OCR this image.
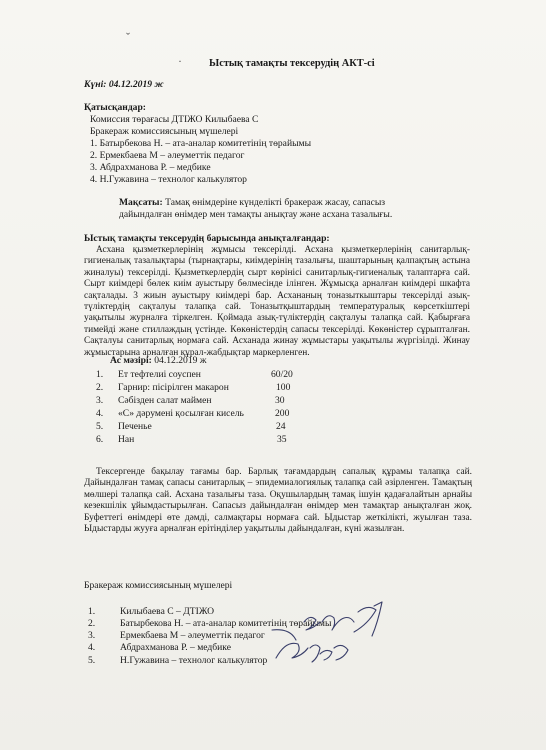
ˇ
·	Ыстық тамақты тексерудің АКТ-сі
Күні: 04.12.2019 ж
Қатысқандар:
Комиссия төрағасы ДТІЖО Килыбаева С
Бракераж комиссиясының мүшелері
1. Батырбекова Н. – ата-аналар комитетінің төрайымы
2. Ермекбаева М – әлеуметтік педагог
3. Абдрахманова Р. – медбике
4. Н.Гужавина – технолог калькулятор
Мақсаты: Тамақ өнімдеріне күнделікті бракераж жасау, сапасыз
дайындалған өнімдер мен тамақты анықтау және асхана тазалығы.
Ыстық тамақты тексерудің барысында анықталғандар:
Асхана қызметкерлерінің жұмысы тексерілді. Асхана қызметкерлерінің санитарлық-гигиеналық тазалықтары (тырнақтары, киімдерінің тазалығы, шаштарының қалпақтың астына жиналуы) тексерілді. Қызметкерлердің сырт көрінісі санитарлық-гигиеналық талаптарға сай. Сырт киімдері бөлек киім ауыстыру бөлмесінде ілінген. Жұмысқа арналған киімдері шкафта сақталады. 3 жиын ауыстыру киімдері бар. Асхананың тоназыткыштары тексерілді азық-түліктердің сақталуы талапқа сай. Тоназытқыштардың температуралық көрсеткіштері уақытылы журналға тіркелген. Қоймада азық-түліктердің сақталуы талапқа сай. Қабырғаға тимейді және стиллаждың үстінде. Көкөністердің сапасы тексерілді. Көкөністер сұрыпталған. Сақталуы санитарлық нормаға сай. Асханада жинау жұмыстары уақытылы жүргізілді. Жинау жұмыстарына арналған құрал-жабдықтар маркерленген.
Ас мәзірі: 04.12.2019 ж
1. Ет тефтелиі соуспен	60/20
2. Гарнир: пісірілген макарон	100
3. Сәбізден салат маймен	30
4. «С» дәрумені қосылған кисель	200
5. Печенье	24
6. Нан	35
Тексергенде бақылау тағамы бар. Барлық тағамдардың сапалық құрамы талапқа сай. Дайындалған тамақ сапасы санитарлық – эпидемиалогиялық талапқа сай әзірленген. Тамақтың мөлшері талапқа сай. Асхана тазалығы таза. Оқушылардың тамақ ішуін қадағалайтын арнайы кезекшілік ұйымдастырылған. Сапасыз дайындалған өнімдер мен тамақтар анықталған жоқ. Буфеттегі өнімдері өте дәмді, салмақтары нормаға сай. Ыдыстар жеткілікті, жуылған таза. Ыдыстарды жууға арналған ерітінділер уақытылы дайындалған, күні жазылған.
Бракераж комиссиясының мүшелері
1.	Килыбаева С – ДТІЖО
2.	Батырбекова Н. – ата-аналар комитетінің төрайымы
3.	Ермекбаева М – әлеуметтік педагог
4.	Абдрахманова Р. – медбике
5.	Н.Гужавина – технолог калькулятор
